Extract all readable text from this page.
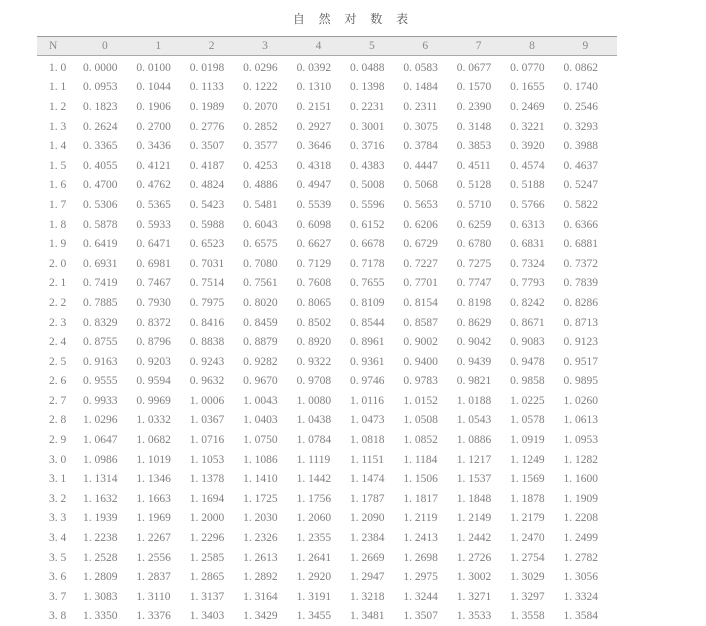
自 然 对 数 表
N	0	1	2	3	4	5	6	7	8	9
1. 0	0. 0000	0. 0100	0. 0198	0. 0296	0. 0392	0. 0488	0. 0583	0. 0677	0. 0770	0. 0862
1. 1	0. 0953	0. 1044	0. 1133	0. 1222	0. 1310	0. 1398	0. 1484	0. 1570	0. 1655	0. 1740
1. 2	0. 1823	0. 1906	0. 1989	0. 2070	0. 2151	0. 2231	0. 2311	0. 2390	0. 2469	0. 2546
1. 3	0. 2624	0. 2700	0. 2776	0. 2852	0. 2927	0. 3001	0. 3075	0. 3148	0. 3221	0. 3293
1. 4	0. 3365	0. 3436	0. 3507	0. 3577	0. 3646	0. 3716	0. 3784	0. 3853	0. 3920	0. 3988
1. 5	0. 4055	0. 4121	0. 4187	0. 4253	0. 4318	0. 4383	0. 4447	0. 4511	0. 4574	0. 4637
1. 6	0. 4700	0. 4762	0. 4824	0. 4886	0. 4947	0. 5008	0. 5068	0. 5128	0. 5188	0. 5247
1. 7	0. 5306	0. 5365	0. 5423	0. 5481	0. 5539	0. 5596	0. 5653	0. 5710	0. 5766	0. 5822
1. 8	0. 5878	0. 5933	0. 5988	0. 6043	0. 6098	0. 6152	0. 6206	0. 6259	0. 6313	0. 6366
1. 9	0. 6419	0. 6471	0. 6523	0. 6575	0. 6627	0. 6678	0. 6729	0. 6780	0. 6831	0. 6881
2. 0	0. 6931	0. 6981	0. 7031	0. 7080	0. 7129	0. 7178	0. 7227	0. 7275	0. 7324	0. 7372
2. 1	0. 7419	0. 7467	0. 7514	0. 7561	0. 7608	0. 7655	0. 7701	0. 7747	0. 7793	0. 7839
2. 2	0. 7885	0. 7930	0. 7975	0. 8020	0. 8065	0. 8109	0. 8154	0. 8198	0. 8242	0. 8286
2. 3	0. 8329	0. 8372	0. 8416	0. 8459	0. 8502	0. 8544	0. 8587	0. 8629	0. 8671	0. 8713
2. 4	0. 8755	0. 8796	0. 8838	0. 8879	0. 8920	0. 8961	0. 9002	0. 9042	0. 9083	0. 9123
2. 5	0. 9163	0. 9203	0. 9243	0. 9282	0. 9322	0. 9361	0. 9400	0. 9439	0. 9478	0. 9517
2. 6	0. 9555	0. 9594	0. 9632	0. 9670	0. 9708	0. 9746	0. 9783	0. 9821	0. 9858	0. 9895
2. 7	0. 9933	0. 9969	1. 0006	1. 0043	1. 0080	1. 0116	1. 0152	1. 0188	1. 0225	1. 0260
2. 8	1. 0296	1. 0332	1. 0367	1. 0403	1. 0438	1. 0473	1. 0508	1. 0543	1. 0578	1. 0613
2. 9	1. 0647	1. 0682	1. 0716	1. 0750	1. 0784	1. 0818	1. 0852	1. 0886	1. 0919	1. 0953
3. 0	1. 0986	1. 1019	1. 1053	1. 1086	1. 1119	1. 1151	1. 1184	1. 1217	1. 1249	1. 1282
3. 1	1. 1314	1. 1346	1. 1378	1. 1410	1. 1442	1. 1474	1. 1506	1. 1537	1. 1569	1. 1600
3. 2	1. 1632	1. 1663	1. 1694	1. 1725	1. 1756	1. 1787	1. 1817	1. 1848	1. 1878	1. 1909
3. 3	1. 1939	1. 1969	1. 2000	1. 2030	1. 2060	1. 2090	1. 2119	1. 2149	1. 2179	1. 2208
3. 4	1. 2238	1. 2267	1. 2296	1. 2326	1. 2355	1. 2384	1. 2413	1. 2442	1. 2470	1. 2499
3. 5	1. 2528	1. 2556	1. 2585	1. 2613	1. 2641	1. 2669	1. 2698	1. 2726	1. 2754	1. 2782
3. 6	1. 2809	1. 2837	1. 2865	1. 2892	1. 2920	1. 2947	1. 2975	1. 3002	1. 3029	1. 3056
3. 7	1. 3083	1. 3110	1. 3137	1. 3164	1. 3191	1. 3218	1. 3244	1. 3271	1. 3297	1. 3324
3. 8	1. 3350	1. 3376	1. 3403	1. 3429	1. 3455	1. 3481	1. 3507	1. 3533	1. 3558	1. 3584
